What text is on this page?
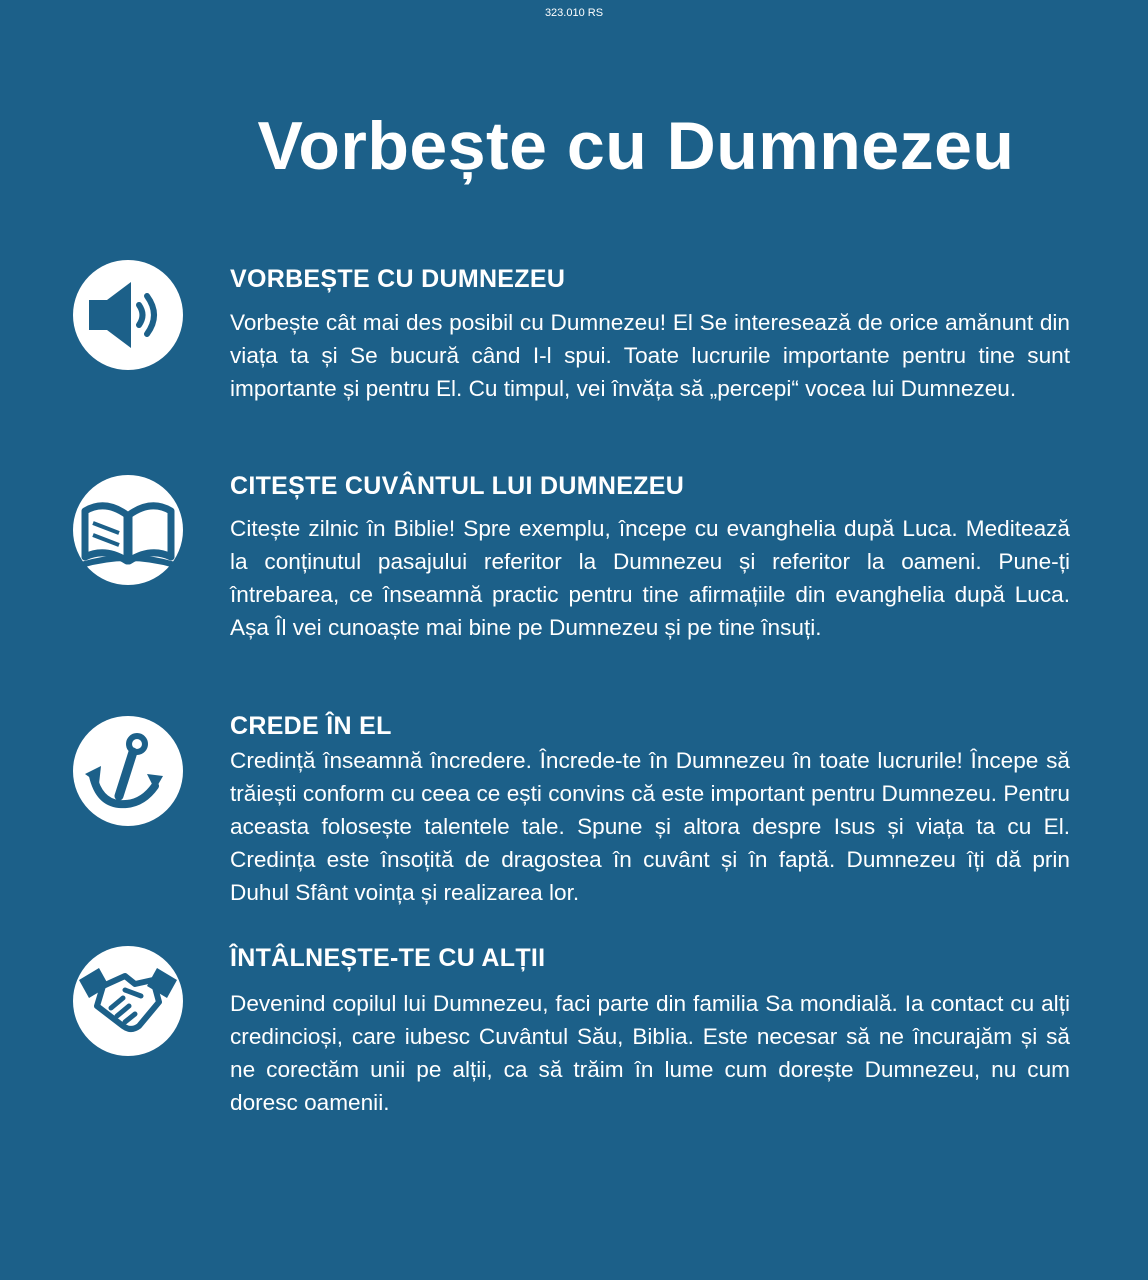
323.010 RS
Vorbește cu Dumnezeu
VORBEȘTE CU DUMNEZEU
Vorbește cât mai des posibil cu Dumnezeu! El Se interesează de orice amănunt din viața ta și Se bucură când I-l spui. Toate lucrurile importante pentru tine sunt importante și pentru El. Cu timpul, vei învăța să „percepi“ vocea lui Dumnezeu.
CITEȘTE CUVÂNTUL LUI DUMNEZEU
Citește zilnic în Biblie! Spre exemplu, începe cu evanghelia după Luca. Meditează la conținutul pasajului referitor la Dumnezeu și referitor la oameni. Pune-ți întrebarea, ce înseamnă practic pentru tine afirmațiile din evanghelia după Luca. Așa Îl vei cunoaște mai bine pe Dumnezeu și pe tine însuți.
CREDE ÎN EL
Credință înseamnă încredere. Încrede-te în Dumnezeu în toate lucrurile! Începe să trăiești conform cu ceea ce ești convins că este important pentru Dumnezeu. Pentru aceasta folosește talentele tale. Spune și altora despre Isus și viața ta cu El. Credința este însoțită de dragostea în cuvânt și în faptă. Dumnezeu îți dă prin Duhul Sfânt voința și realizarea lor.
ÎNTÂLNEȘTE-TE CU ALȚII
Devenind copilul lui Dumnezeu, faci parte din familia Sa mondială. Ia contact cu alți credincioși, care iubesc Cuvântul Său, Biblia. Este necesar să ne încurajăm și să ne corectăm unii pe alții, ca să trăim în lume cum dorește Dumnezeu, nu cum doresc oamenii.
